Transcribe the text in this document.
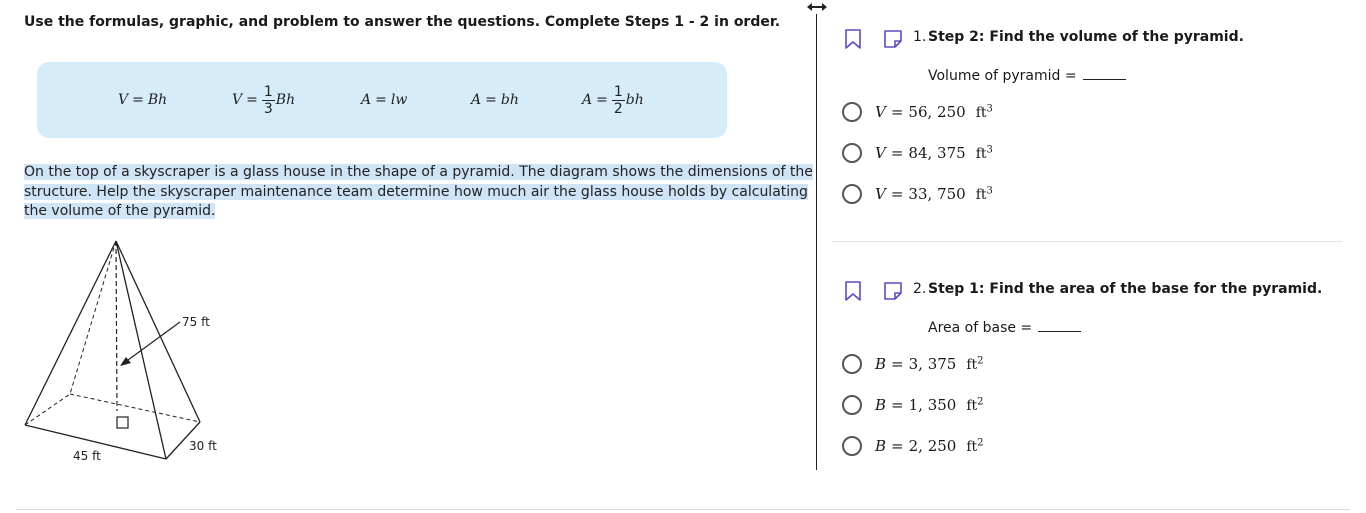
Use the formulas, graphic, and problem to answer the questions. Complete Steps 1 - 2 in order.
V = Bh	$V = \frac{1}{3}$ Bh	A = lw	A = bh	$A = \frac{1}{2}$ bh
On the top of a skyscraper is a glass house in the shape of a pyramid. The diagram shows the dimensions of the structure. Help the skyscraper maintenance team determine how much air the glass house holds by calculating the volume of the pyramid.
75 ft
30 ft
45 ft
1. Step 2: Find the volume of the pyramid.
Volume of pyramid =
V = 56, 250 $ft^3$
V = 84, 375 $ft^3$
V = 33, 750 $ft^3$
2. Step 1: Find the area of the base for the pyramid.
Area of base =
B = 3, 375 $ft^2$
B = 1, 350 $ft^2$
B = 2, 250 $ft^2$
